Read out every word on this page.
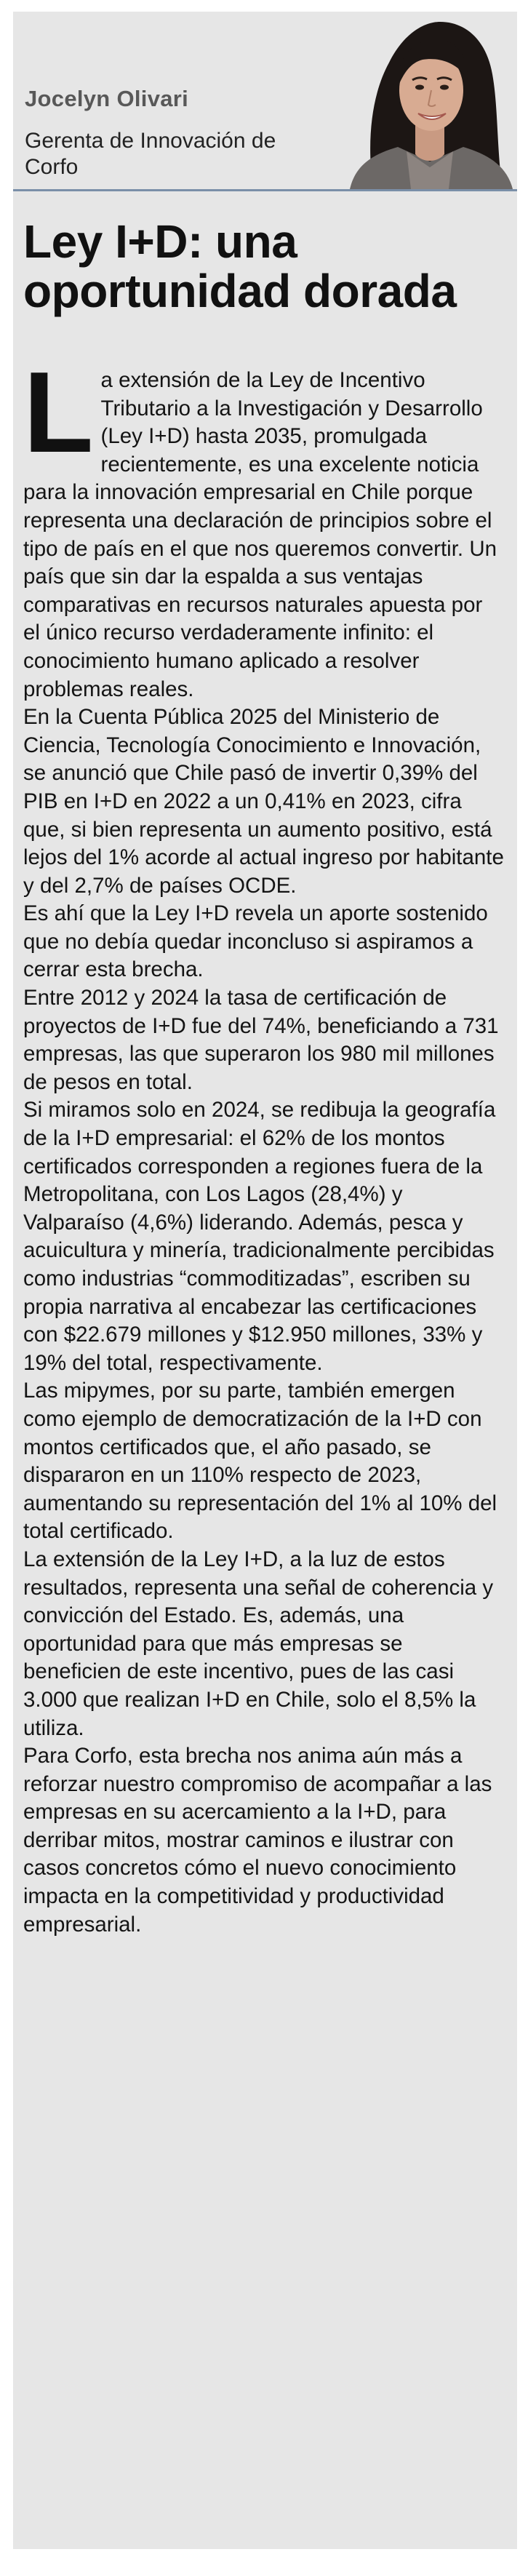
Jocelyn Olivari

Gerenta de Innovación de Corfo

Ley I+D: una oportunidad dorada
L a extensión de la Ley de Incentivo Tributario a la Investigación y Desarrollo (Ley I+D) hasta 2035, promulgada recientemente, es una excelente noticia para la innovación empresarial en Chile porque representa una declaración de principios sobre el tipo de país en el que nos queremos convertir. Un país que sin dar la espalda a sus ventajas comparativas en recursos naturales apuesta por el único recurso verdaderamente infinito: el conocimiento humano aplicado a resolver problemas reales.

En la Cuenta Pública 2025 del Ministerio de Ciencia, Tecnología Conocimiento e Innovación, se anunció que Chile pasó de invertir 0,39% del PIB en I+D en 2022 a un 0,41% en 2023, cifra que, si bien representa un aumento positivo, está lejos del 1% acorde al actual ingreso por habitante y del 2,7% de países OCDE.

Es ahí que la Ley I+D revela un aporte sostenido que no debía quedar inconcluso si aspiramos a cerrar esta brecha.

Entre 2012 y 2024 la tasa de certificación de proyectos de I+D fue del 74%, beneficiando a 731 empresas, las que superaron los 980 mil millones de pesos en total.

Si miramos solo en 2024, se redibuja la geografía de la I+D empresarial: el 62% de los montos certificados corresponden a regiones fuera de la Metropolitana, con Los Lagos (28,4%) y Valparaíso (4,6%) liderando. Además, pesca y acuicultura y minería, tradicionalmente percibidas como industrias “commoditizadas”, escriben su propia narrativa al encabezar las certificaciones con $22.679 millones y $12.950 millones, 33% y 19% del total, respectivamente.

Las mipymes, por su parte, también emergen como ejemplo de democratización de la I+D con montos certificados que, el año pasado, se dispararon en un 110% respecto de 2023, aumentando su representación del 1% al 10% del total certificado.

La extensión de la Ley I+D, a la luz de estos resultados, representa una señal de coherencia y convicción del Estado. Es, además, una oportunidad para que más empresas se beneficien de este incentivo, pues de las casi 3.000 que realizan I+D en Chile, solo el 8,5% la utiliza.

Para Corfo, esta brecha nos anima aún más a reforzar nuestro compromiso de acompañar a las empresas en su acercamiento a la I+D, para derribar mitos, mostrar caminos e ilustrar con casos concretos cómo el nuevo conocimiento impacta en la competitividad y productividad empresarial.
